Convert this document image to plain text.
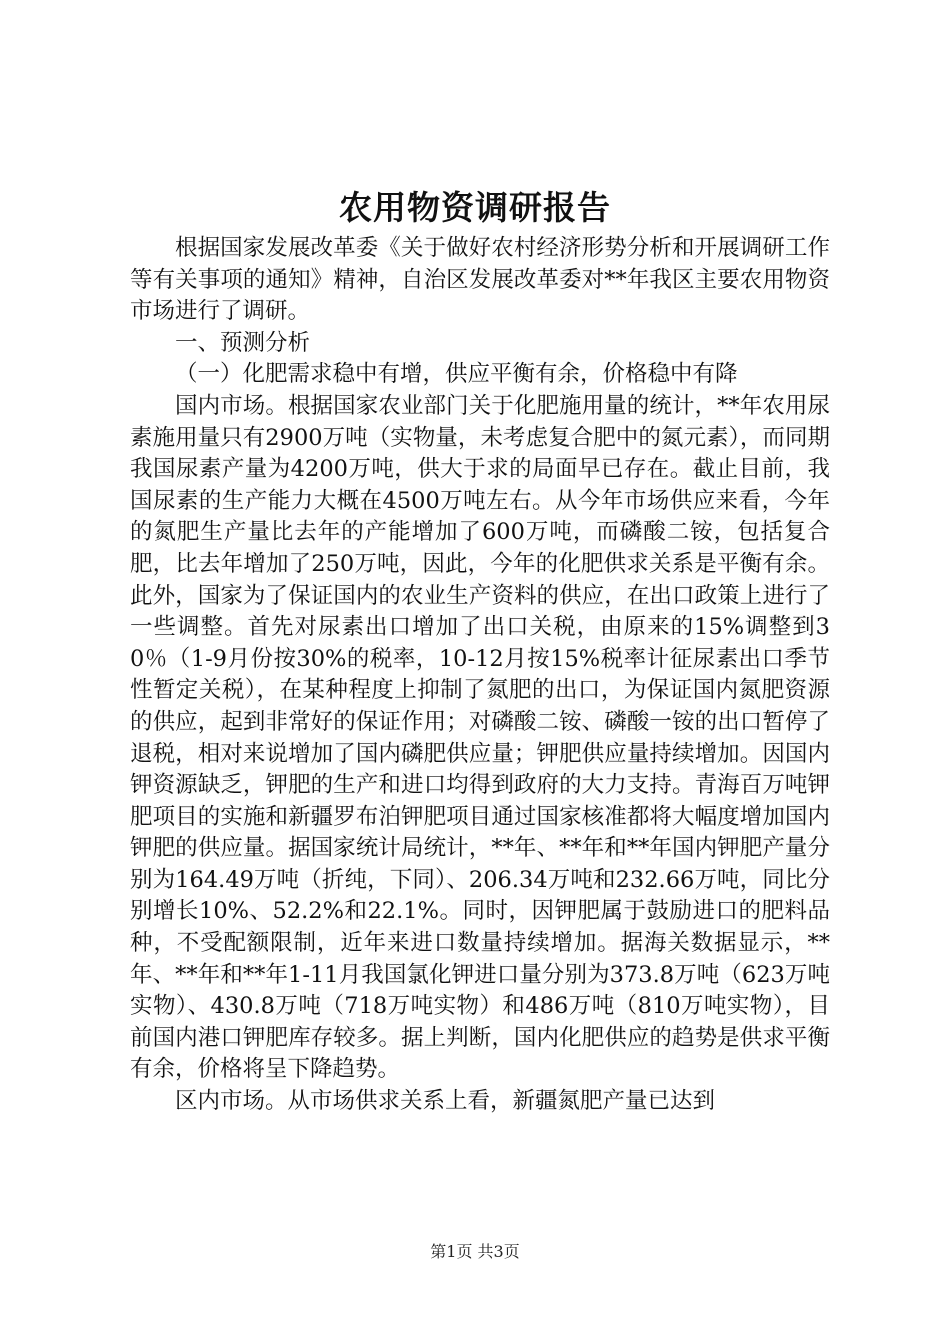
农用物资调研报告

根据国家发展改革委《关于做好农村经济形势分析和开展调研工作等有关事项的通知》精神，自治区发展改革委对**年我区主要农用物资市场进行了调研。

一、预测分析

（一）化肥需求稳中有增，供应平衡有余，价格稳中有降

国内市场。根据国家农业部门关于化肥施用量的统计，**年农用尿素施用量只有2900万吨（实物量，未考虑复合肥中的氮元素），而同期我国尿素产量为4200万吨，供大于求的局面早已存在。截止目前，我国尿素的生产能力大概在4500万吨左右。从今年市场供应来看，今年的氮肥生产量比去年的产能增加了600万吨，而磷酸二铵，包括复合肥，比去年增加了250万吨，因此，今年的化肥供求关系是平衡有余。此外，国家为了保证国内的农业生产资料的供应，在出口政策上进行了一些调整。首先对尿素出口增加了出口关税，由原来的15%调整到30％（1-9月份按30%的税率，10-12月按15%税率计征尿素出口季节性暂定关税），在某种程度上抑制了氮肥的出口，为保证国内氮肥资源的供应，起到非常好的保证作用；对磷酸二铵、磷酸一铵的出口暂停了退税，相对来说增加了国内磷肥供应量；钾肥供应量持续增加。因国内钾资源缺乏，钾肥的生产和进口均得到政府的大力支持。青海百万吨钾肥项目的实施和新疆罗布泊钾肥项目通过国家核准都将大幅度增加国内钾肥的供应量。据国家统计局统计，**年、**年和**年国内钾肥产量分别为164.49万吨（折纯，下同）、206.34万吨和232.66万吨，同比分别增长10%、52.2%和22.1%。同时，因钾肥属于鼓励进口的肥料品种，不受配额限制，近年来进口数量持续增加。据海关数据显示，**年、**年和**年1-11月我国氯化钾进口量分别为373.8万吨（623万吨实物）、430.8万吨（718万吨实物）和486万吨（810万吨实物），目前国内港口钾肥库存较多。据上判断，国内化肥供应的趋势是供求平衡有余，价格将呈下降趋势。

区内市场。从市场供求关系上看，新疆氮肥产量已达到

第1页 共3页
